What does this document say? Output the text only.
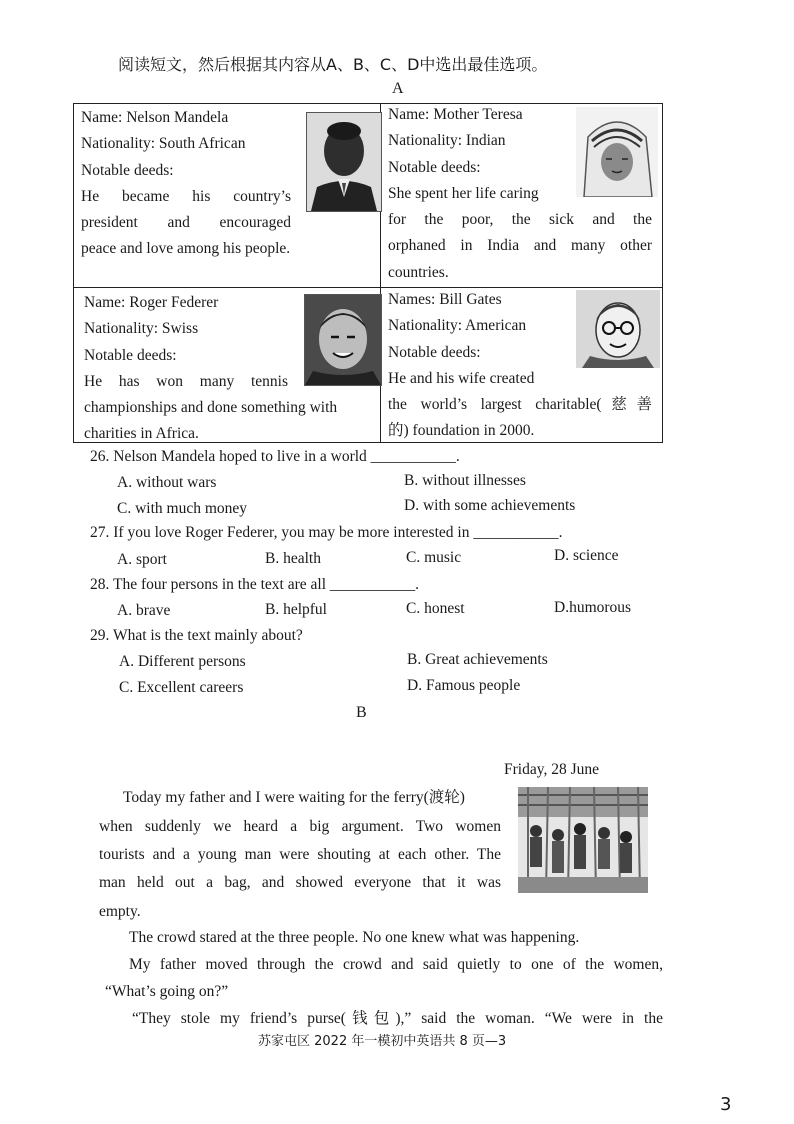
阅读短文，然后根据其内容从A、B、C、D中选出最佳选项。
A
Name: Nelson Mandela
Nationality: South African
Notable deeds:
He became his country’s
president and encouraged
peace and love among his people.
Name: Mother Teresa
Nationality: Indian
Notable deeds:
She spent her life caring
for the poor, the sick and the
orphaned in India and many other
countries.
Name: Roger Federer
Nationality: Swiss
Notable deeds:
He has won many tennis
championships and done something with
charities in Africa.
Names: Bill Gates
Nationality: American
Notable deeds:
He and his wife created
the world’s largest charitable(慈善
的) foundation in 2000.
26. Nelson Mandela hoped to live in a world ___________.
A. without wars	B. without illnesses
C. with much money	D. with some achievements
27. If you love Roger Federer, you may be more interested in ___________.
A. sport	B. health	C. music	D. science
28. The four persons in the text are all ___________.
A. brave	B. helpful	C. honest	D.humorous
29. What is the text mainly about?
A. Different persons	B. Great achievements
C. Excellent careers	D. Famous people
B
Friday, 28 June
Today my father and I were waiting for the ferry(渡轮)
when suddenly we heard a big argument. Two women
tourists and a young man were shouting at each other. The
man held out a bag, and showed everyone that it was
empty.
The crowd stared at the three people. No one knew what was happening.
My father moved through the crowd and said quietly to one of the women,
“What’s going on?”
“They stole my friend’s purse(钱包),” said the woman. “We were in the
苏家屯区 2022 年一模初中英语共 8 页—3
3
